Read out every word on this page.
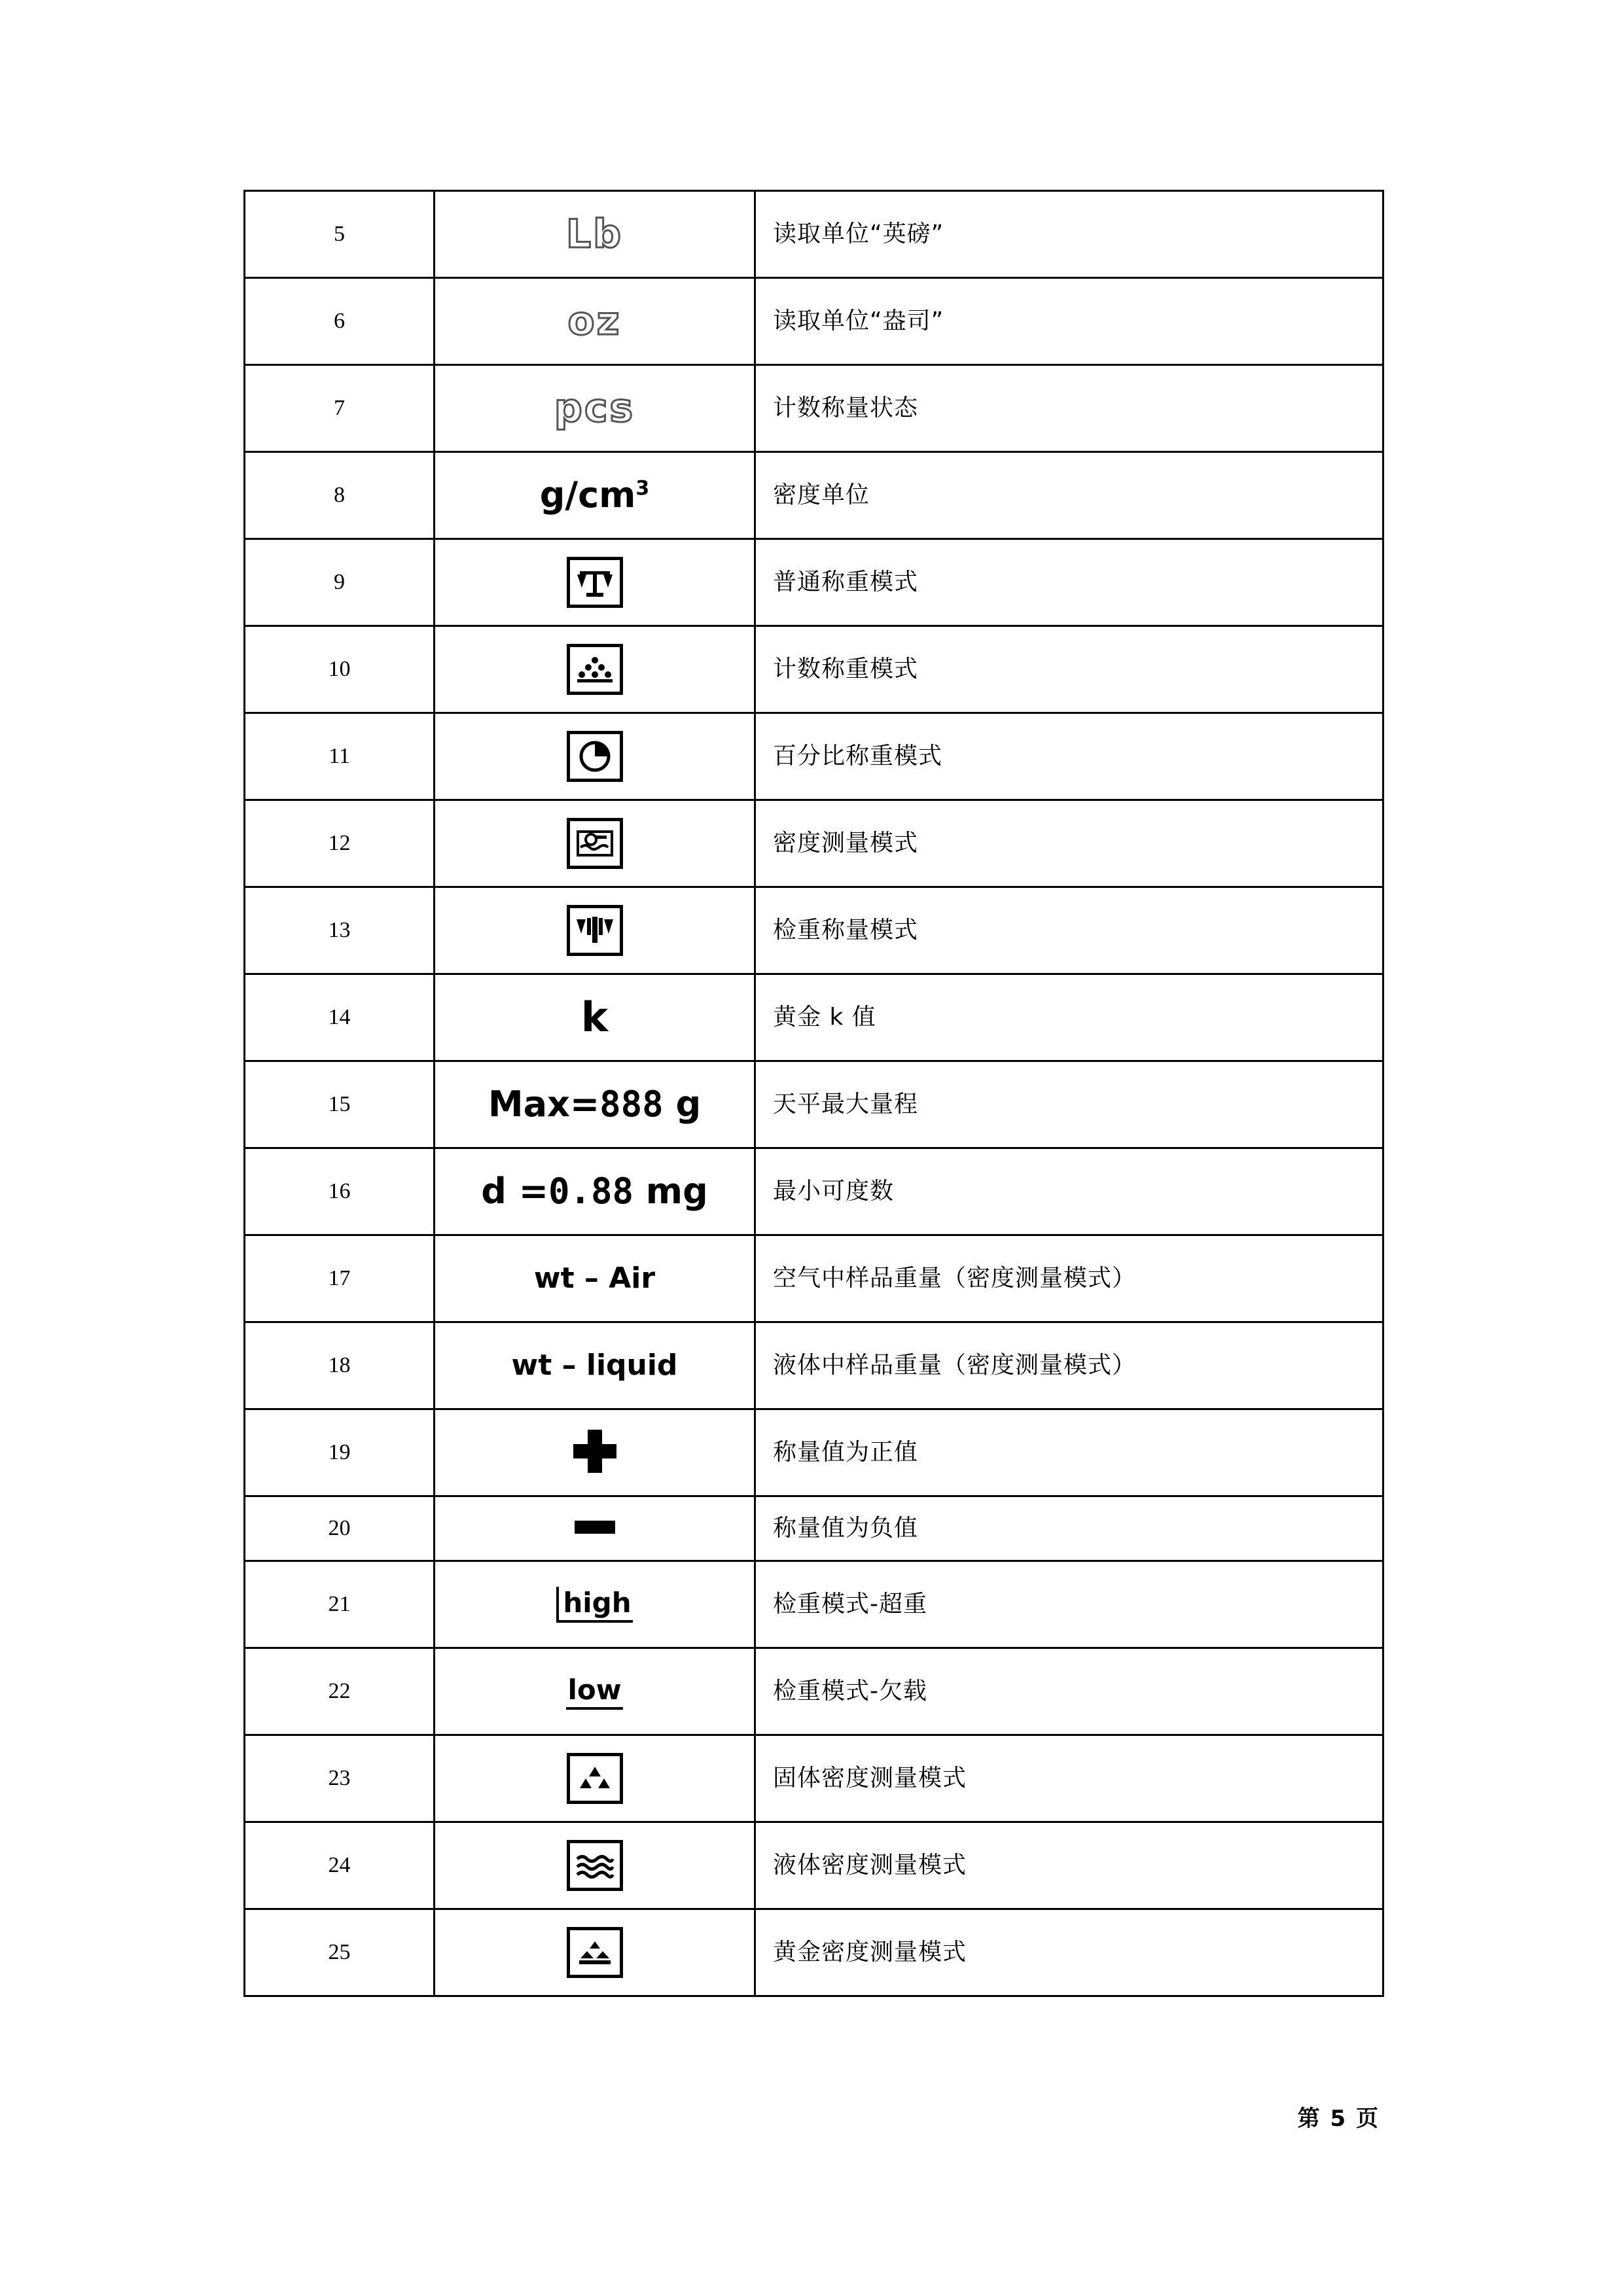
5	Lb	读取单位“英磅”
6	oz	读取单位“盎司”
7	pcs	计数称量状态
8	$g/cm^3$	密度单位
9		普通称重模式
10		计数称重模式
11		百分比称重模式
12		密度测量模式
13		检重称量模式
14	k	黄金 k 值
15	Max=888 g	天平最大量程
16	d =0.88 mg	最小可度数
17	wt – Air	空气中样品重量（密度测量模式）
18	wt – liquid	液体中样品重量（密度测量模式）
19		称量值为正值
20		称量值为负值
21	high	检重模式-超重
22	low	检重模式-欠载
23		固体密度测量模式
24		液体密度测量模式
25		黄金密度测量模式
第 5 页
